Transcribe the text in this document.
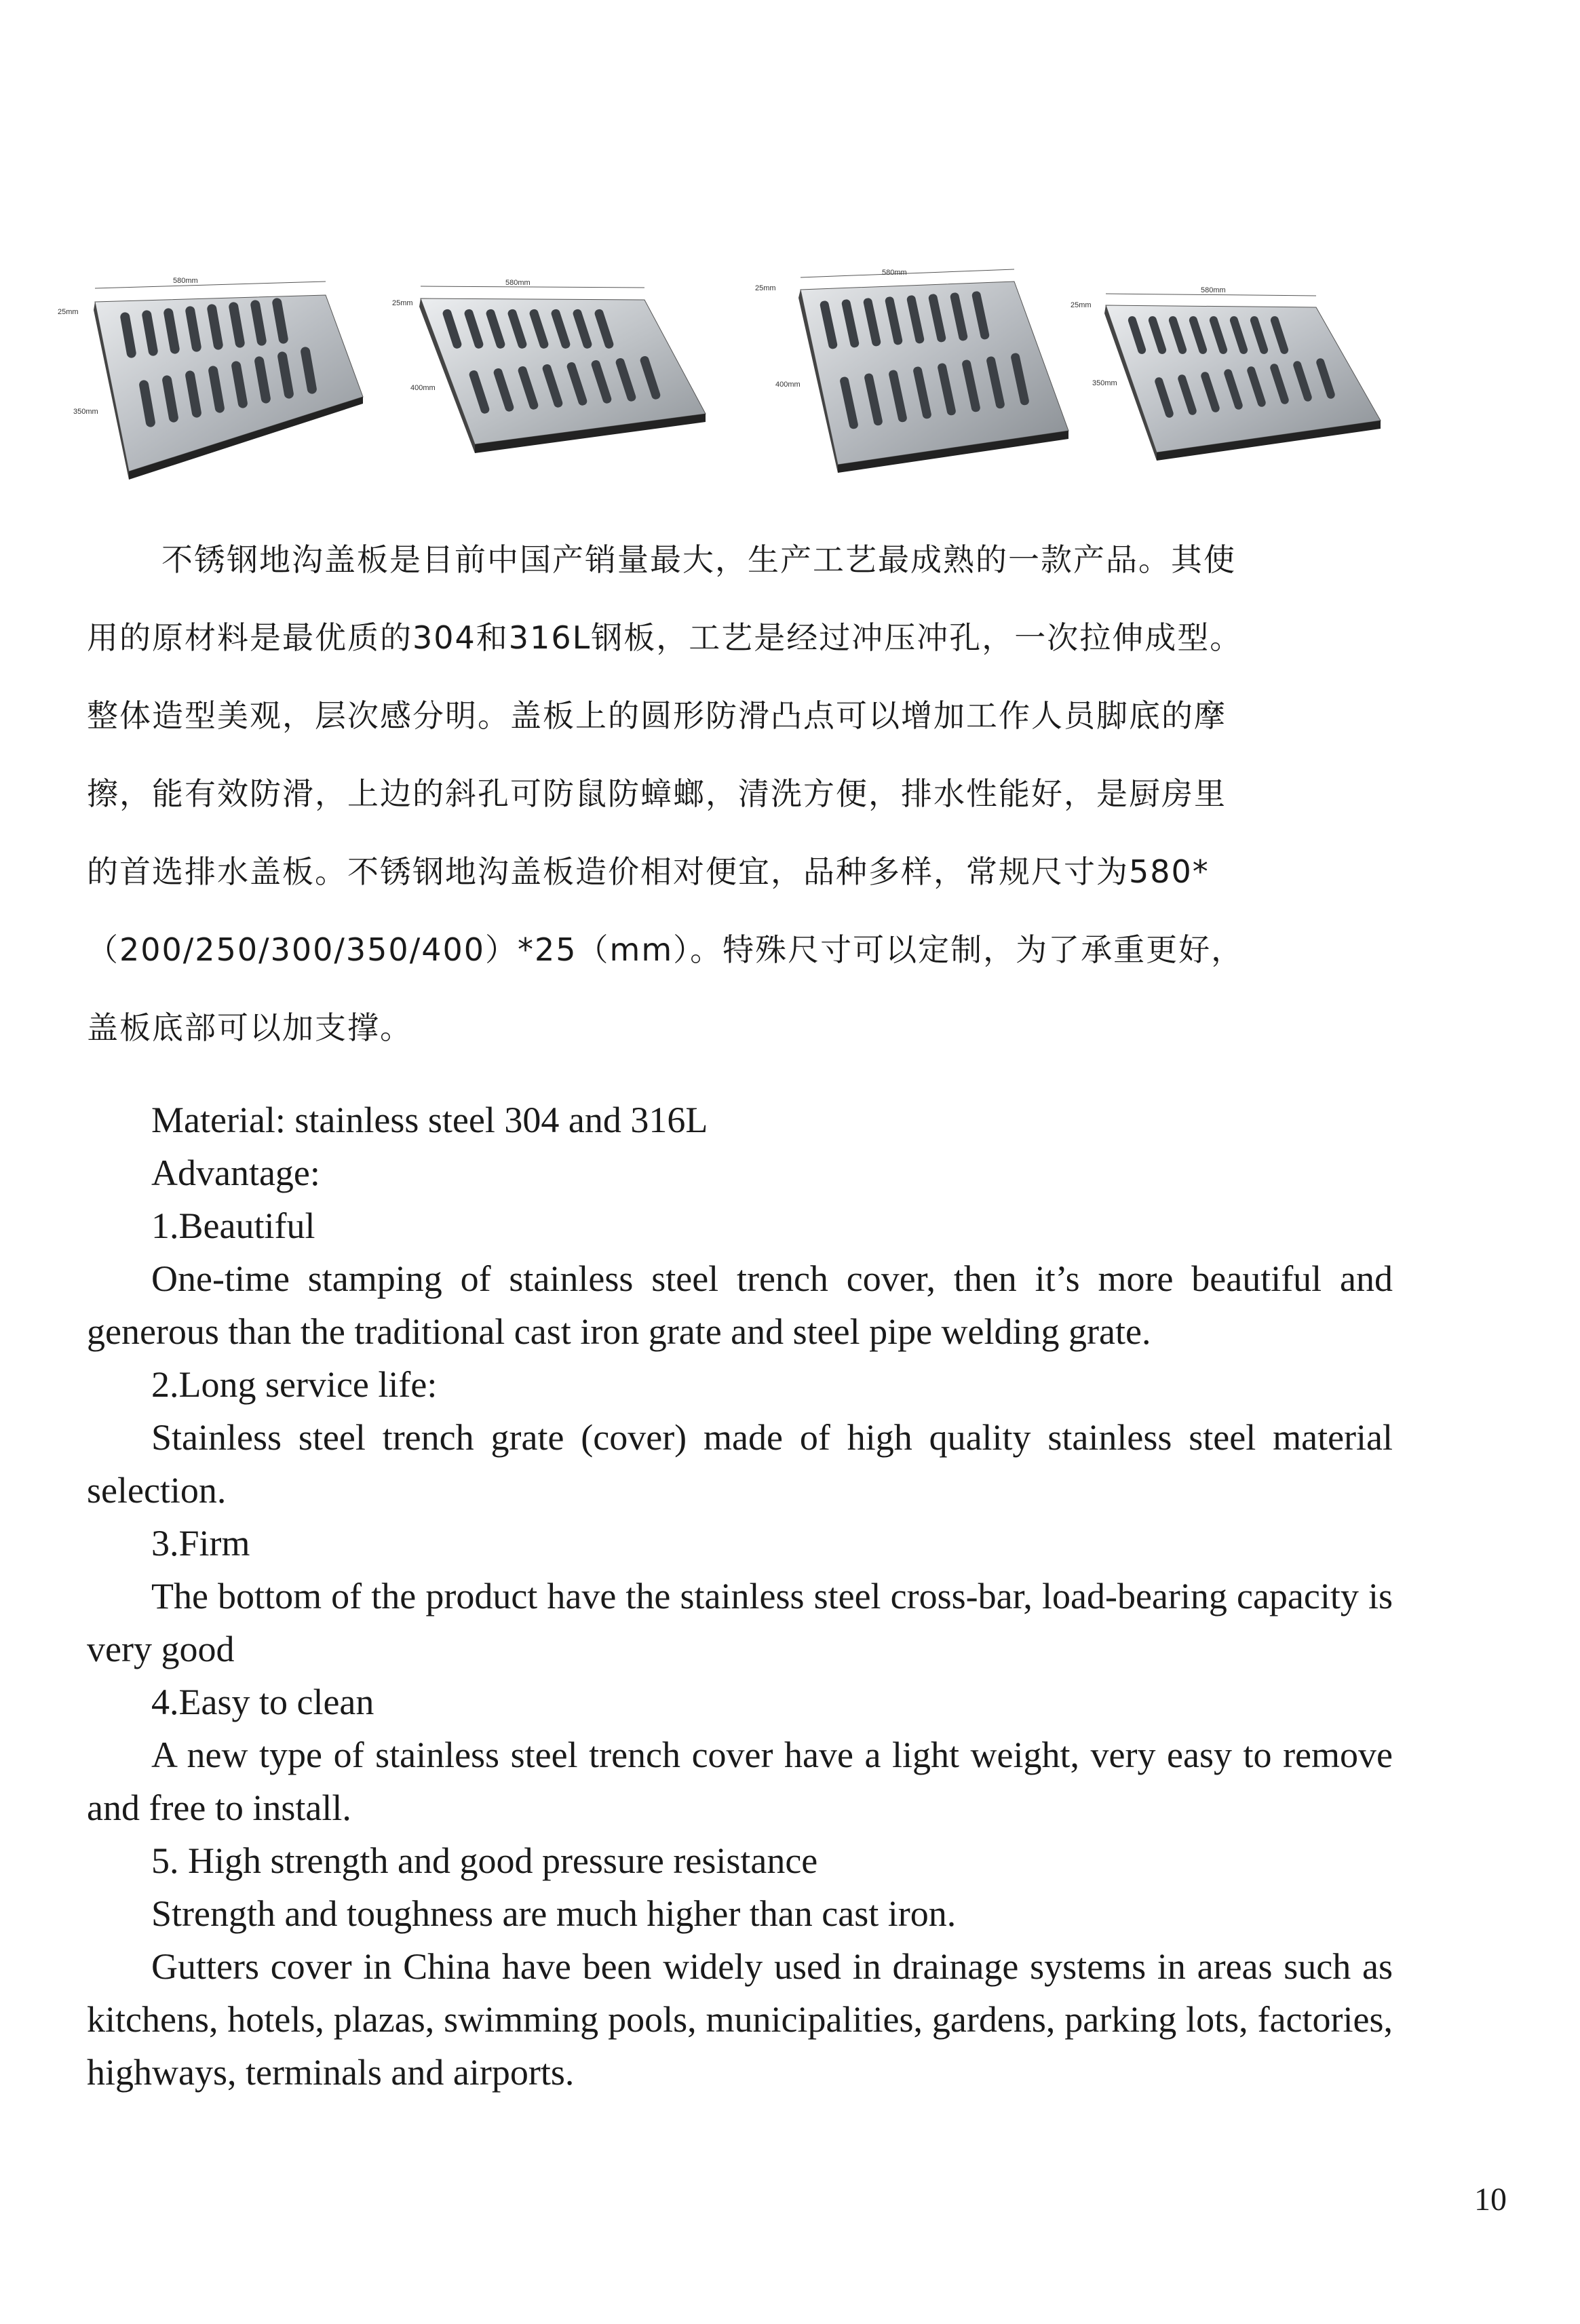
580mm
25mm
350mm
580mm
25mm
400mm
580mm
25mm
400mm
580mm
25mm
350mm

不锈钢地沟盖板是目前中国产销量最大，生产工艺最成熟的一款产品。其使

用的原材料是最优质的304和316L钢板，工艺是经过冲压冲孔，一次拉伸成型。

整体造型美观，层次感分明。盖板上的圆形防滑凸点可以增加工作人员脚底的摩

擦，能有效防滑，上边的斜孔可防鼠防蟑螂，清洗方便，排水性能好，是厨房里

的首选排水盖板。不锈钢地沟盖板造价相对便宜，品种多样，常规尺寸为580*

（200/250/300/350/400）*25（mm）。特殊尺寸可以定制，为了承重更好，

盖板底部可以加支撑。

Material: stainless steel 304 and 316L

Advantage:

1.Beautiful

One-time stamping of stainless steel trench cover, then it’s more beautiful and generous than the traditional cast iron grate and steel pipe welding grate.

2.Long service life:

Stainless steel trench grate (cover) made of high quality stainless steel material selection.

3.Firm

The bottom of the product have the stainless steel cross-bar, load-bearing capacity is very good

4.Easy to clean

A new type of stainless steel trench cover have a light weight, very easy to remove and free to install.

5. High strength and good pressure resistance

Strength and toughness are much higher than cast iron.

Gutters cover in China have been widely used in drainage systems in areas such as kitchens, hotels, plazas, swimming pools, municipalities, gardens, parking lots, factories, highways, terminals and airports.

10
